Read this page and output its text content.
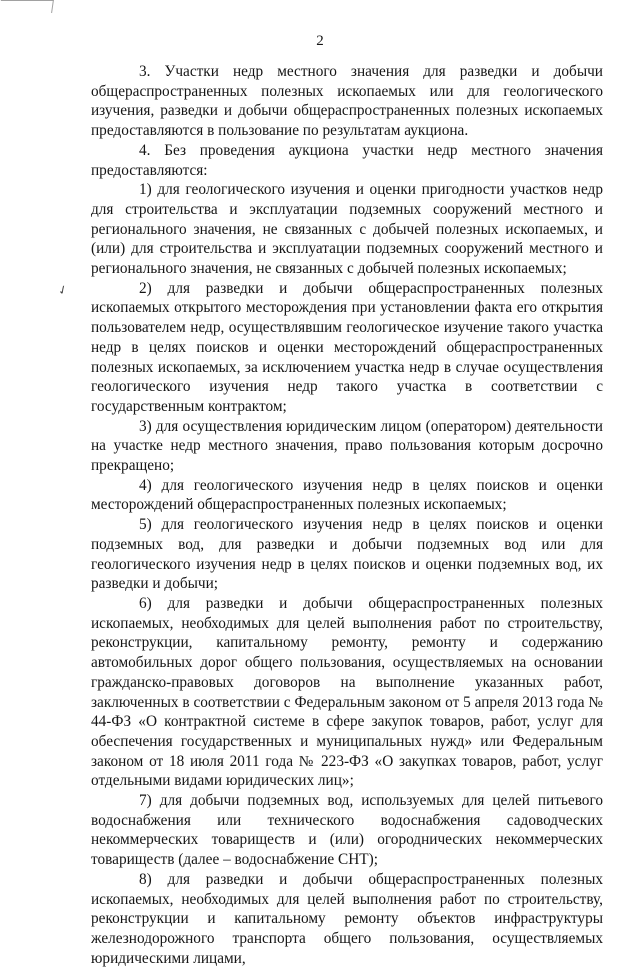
2
✓

3. Участки недр местного значения для разведки и добычи общераспространенных полезных ископаемых или для геологического изучения, разведки и добычи общераспространенных полезных ископаемых предоставляются в пользование по результатам аукциона.

4. Без проведения аукциона участки недр местного значения предоставляются:

1) для геологического изучения и оценки пригодности участков недр для строительства и эксплуатации подземных сооружений местного и регионального значения, не связанных с добычей полезных ископаемых, и (или) для строительства и эксплуатации подземных сооружений местного и регионального значения, не связанных с добычей полезных ископаемых;

2) для разведки и добычи общераспространенных полезных ископаемых открытого месторождения при установлении факта его открытия пользователем недр, осуществлявшим геологическое изучение такого участка недр в целях поисков и оценки месторождений общераспространенных полезных ископаемых, за исключением участка недр в случае осуществления геологического изучения недр такого участка в соответствии с государственным контрактом;

3) для осуществления юридическим лицом (оператором) деятельности на участке недр местного значения, право пользования которым досрочно прекращено;

4) для геологического изучения недр в целях поисков и оценки месторождений общераспространенных полезных ископаемых;

5) для геологического изучения недр в целях поисков и оценки подземных вод, для разведки и добычи подземных вод или для геологического изучения недр в целях поисков и оценки подземных вод, их разведки и добычи;

6) для разведки и добычи общераспространенных полезных ископаемых, необходимых для целей выполнения работ по строительству, реконструкции, капитальному ремонту, ремонту и содержанию автомобильных дорог общего пользования, осуществляемых на основании гражданско-правовых договоров на выполнение указанных работ, заключенных в соответствии с Федеральным законом от 5 апреля 2013 года № 44-ФЗ «О контрактной системе в сфере закупок товаров, работ, услуг для обеспечения государственных и муниципальных нужд» или Федеральным законом от 18 июля 2011 года № 223-ФЗ «О закупках товаров, работ, услуг отдельными видами юридических лиц»;

7) для добычи подземных вод, используемых для целей питьевого водоснабжения или технического водоснабжения садоводческих некоммерческих товариществ и (или) огороднических некоммерческих товариществ (далее – водоснабжение СНТ);

8) для разведки и добычи общераспространенных полезных ископаемых, необходимых для целей выполнения работ по строительству, реконструкции и капитальному ремонту объектов инфраструктуры железнодорожного транспорта общего пользования, осуществляемых юридическими лицами,
